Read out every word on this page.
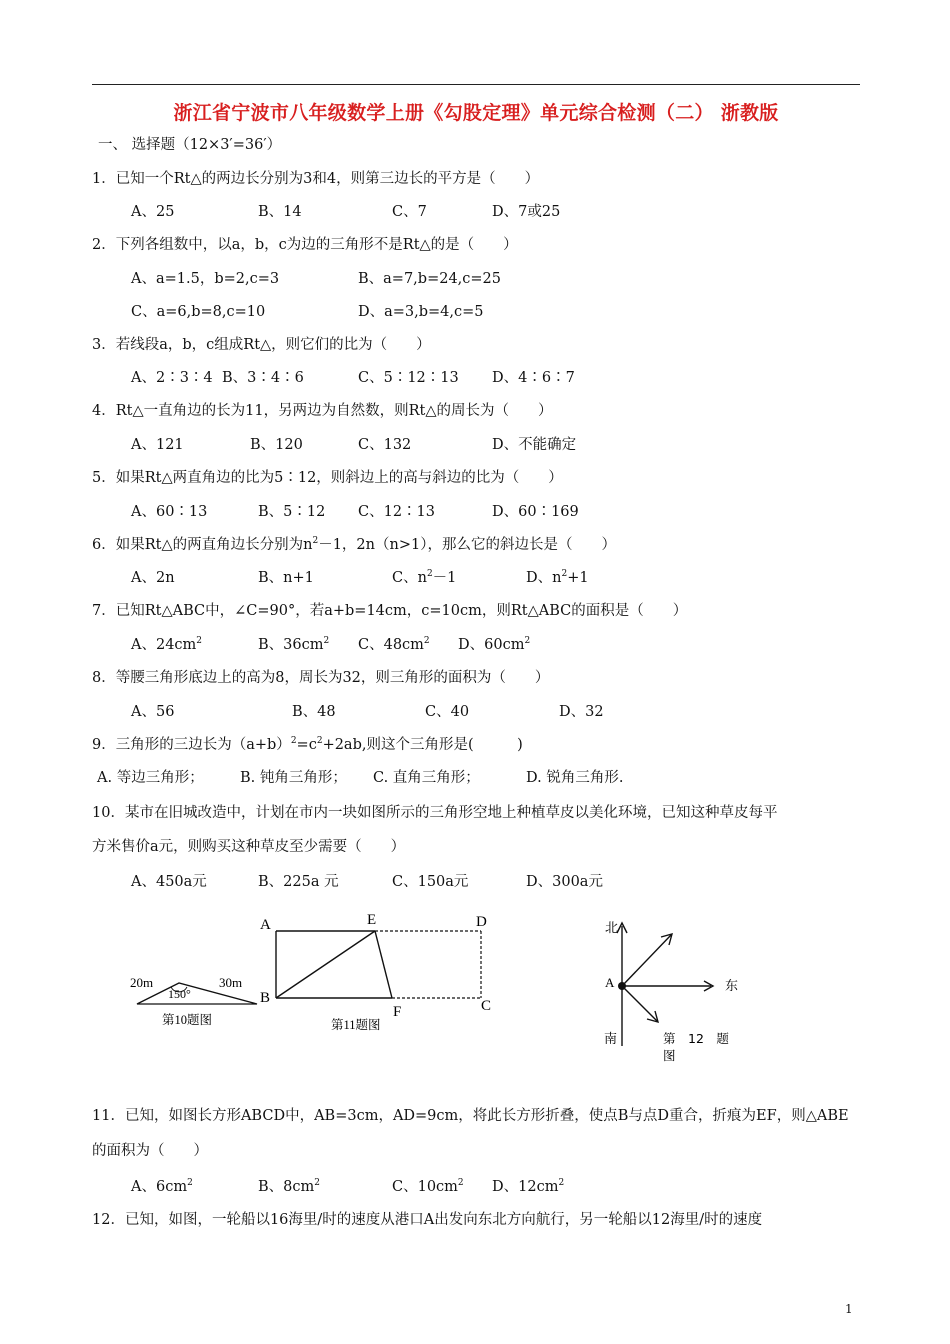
浙江省宁波市八年级数学上册《勾股定理》单元综合检测（二） 浙教版
一、 选择题（12×3′=36′）
1．已知一个Rt△的两边长分别为3和4，则第三边长的平方是（　　）
A、25	B、14	C、7	D、7或25
2．下列各组数中，以a，b，c为边的三角形不是Rt△的是（　　）
A、a=1.5，b=2,c=3	B、a=7,b=24,c=25
C、a=6,b=8,c=10	D、a=3,b=4,c=5
3．若线段a，b，c组成Rt△，则它们的比为（　　）
A、2∶3∶4 B、3∶4∶6	C、5∶12∶13 D、4∶6∶7
4．Rt△一直角边的长为11，另两边为自然数，则Rt△的周长为（　　）
A、121	B、120	C、132	D、不能确定
5．如果Rt△两直角边的比为5∶12，则斜边上的高与斜边的比为（　　）
A、60∶13	B、5∶12 C、12∶13	D、60∶169
6．如果Rt△的两直角边长分别为$n^2-1$，2n（n>1），那么它的斜边长是（　　）
A、2n	B、n+1	C、$n^2-1$	D、$n^2+1$
7．已知Rt△ABC中，∠C=90°，若a+b=14cm，c=10cm，则Rt△ABC的面积是（　　）
A、$24cm^2$	B、$36cm^2$ C、$48cm^2$ D、$60cm^2$
8．等腰三角形底边上的高为8，周长为32，则三角形的面积为（　　）
A、56	B、48	C、40	D、32
9．三角形的三边长为$(a+b)^2=c^2+2ab$,则这个三角形是(　　　)
A. 等边三角形；	B. 钝角三角形； C. 直角三角形；	D. 锐角三角形.
10．某市在旧城改造中，计划在市内一块如图所示的三角形空地上种植草皮以美化环境，已知这种草皮每平
方米售价a元，则购买这种草皮至少需要（　　）
A、450a元	B、225a 元	C、150a元	D、300a元
20m	30m
150°
第10题图
A	E	D
B
F	C
第11题图
北
东
南
A
第　12　题
图
11．已知，如图长方形ABCD中，AB=3cm，AD=9cm，将此长方形折叠，使点B与点D重合，折痕为EF，则△ABE
的面积为（　　）
A、$6cm^2$	B、$8cm^2$	C、$10cm^2$ D、$12cm^2$
12．已知，如图，一轮船以16海里/时的速度从港口A出发向东北方向航行，另一轮船以12海里/时的速度
1
